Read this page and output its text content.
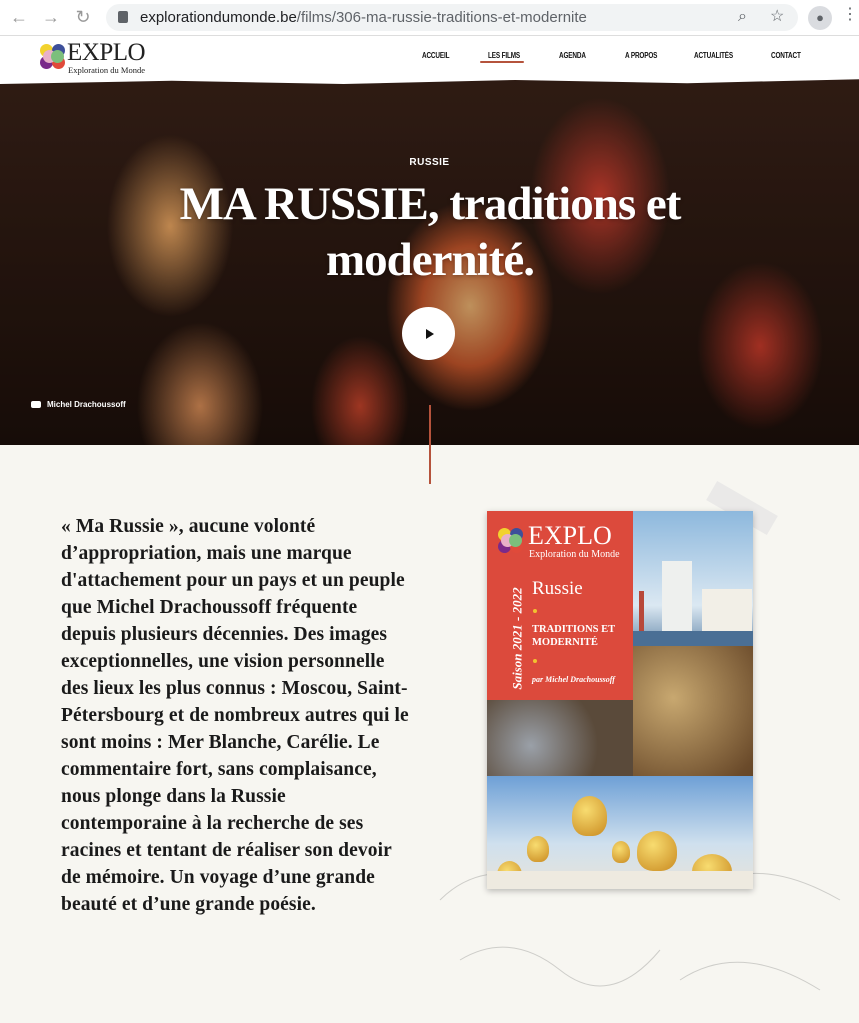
← → ↻	explorationdumonde.be/films/306-ma-russie-traditions-et-modernite	⌕ ☆	●	⋮
EXPLO
Exploration du Monde
ACCUEIL	LES FILMS	AGENDA	A PROPOS	ACTUALITÉS	CONTACT
RUSSIE
MA RUSSIE, traditions et modernité.
Michel Drachoussoff

« Ma Russie », aucune volonté d’appropriation, mais une marque d'attachement pour un pays et un peuple que Michel Drachoussoff fréquente depuis plusieurs décennies. Des images exceptionnelles, une vision personnelle des lieux les plus connus : Moscou, Saint-Pétersbourg et de nombreux autres qui le sont moins : Mer Blanche, Carélie. Le commentaire fort, sans complaisance, nous plonge dans la Russie contemporaine à la recherche de ses racines et tentant de réaliser son devoir de mémoire. Un voyage d’une grande beauté et d’une grande poésie.

EXPLO
Exploration du Monde
Saison 2021 - 2022 Russie
TRADITIONS ET MODERNITÉ
par Michel Drachoussoff
